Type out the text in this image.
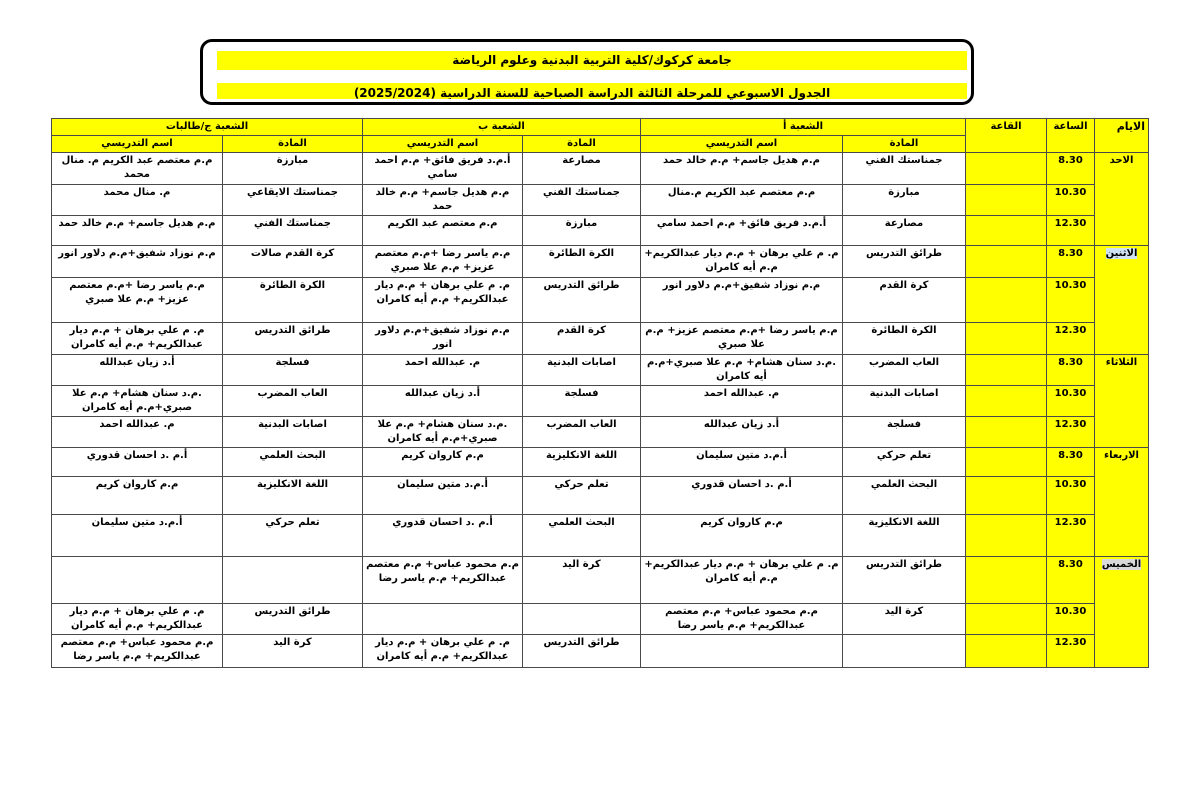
جامعة كركوك/كلية التربية البدنية وعلوم الرياضة
الجدول الاسبوعي للمرحلة الثالثة الدراسة الصباحية للسنة الدراسية (2025/2024)
الشعبة ج/طالبات		الشعبة ب		الشعبة أ		القاعة	الساعة	الايام
اسم التدريسي	المادة	اسم التدريسي	المادة	اسم التدريسي	المادة			
م.م معتصم عبد الكريم م. منال محمد	مبارزة	أ.م.د فريق فائق+ م.م احمد سامي	مصارعة	م.م هديل جاسم+ م.م خالد حمد	جمناستك الفني		8.30	الاحد
م. منال محمد	جمناستك الايقاعي	م.م هديل جاسم+ م.م خالد حمد	جمناستك الفني	م.م معتصم عبد الكريم م.منال	مبارزة		10.30	
م.م هديل جاسم+ م.م خالد حمد	جمناستك الفني	م.م معتصم عبد الكريم	مبارزة	أ.م.د فريق فائق+ م.م احمد سامي	مصارعة		12.30	
م.م نوزاد شفيق+م.م دلاور انور	كرة القدم صالات	م.م ياسر رضا +م.م معتصم عزيز+ م.م علا صبري	الكرة الطائرة	م. م علي برهان + م.م ديار عبدالكريم+ م.م أيه كامران	طرائق التدريس		8.30	الاثنين
م.م ياسر رضا +م.م معتصم عزيز+ م.م علا صبري	الكرة الطائرة	م. م علي برهان + م.م ديار عبدالكريم+ م.م أيه كامران	طرائق التدريس	م.م نوزاد شفيق+م.م دلاور انور	كرة القدم		10.30	
م. م علي برهان + م.م ديار عبدالكريم+ م.م أيه كامران	طرائق التدريس	م.م نوزاد شفيق+م.م دلاور انور	كرة القدم	م.م ياسر رضا +م.م معتصم عزيز+ م.م علا صبري	الكرة الطائرة		12.30	
أ.د زيان عبدالله	فسلجة	م. عبدالله احمد	اصابات البدنية	.م.د سنان هشام+ م.م علا صبري+م.م أيه كامران	العاب المضرب		8.30	الثلاثاء
.م.د سنان هشام+ م.م علا صبري+م.م أيه كامران	العاب المضرب	أ.د زيان عبدالله	فسلجة	م. عبدالله احمد	اصابات البدنية		10.30	
م. عبدالله احمد	اصابات البدنية	.م.د سنان هشام+ م.م علا صبري+م.م أيه كامران	العاب المضرب	أ.د زيان عبدالله	فسلجة		12.30	
أ.م .د احسان قدوري	البحث العلمي	م.م كاروان كريم	اللغة الانكليزية	أ.م.د متين سليمان	تعلم حركي		8.30	الاربعاء
م.م كاروان كريم	اللغة الانكليزية	أ.م.د متين سليمان	تعلم حركي	أ.م .د احسان قدوري	البحث العلمي		10.30	
أ.م.د متين سليمان	تعلم حركي	أ.م .د احسان قدوري	البحث العلمي	م.م كاروان كريم	اللغة الانكليزية		12.30	
		م.م محمود عباس+ م.م معتصم عبدالكريم+ م.م ياسر رضا	كرة اليد	م. م علي برهان + م.م ديار عبدالكريم+ م.م أيه كامران	طرائق التدريس		8.30	الخميس
م. م علي برهان + م.م ديار عبدالكريم+ م.م أيه كامران	طرائق التدريس			م.م محمود عباس+ م.م معتصم عبدالكريم+ م.م ياسر رضا	كرة اليد		10.30	
م.م محمود عباس+ م.م معتصم عبدالكريم+ م.م ياسر رضا	كرة اليد	م. م علي برهان + م.م ديار عبدالكريم+ م.م أيه كامران	طرائق التدريس				12.30	
